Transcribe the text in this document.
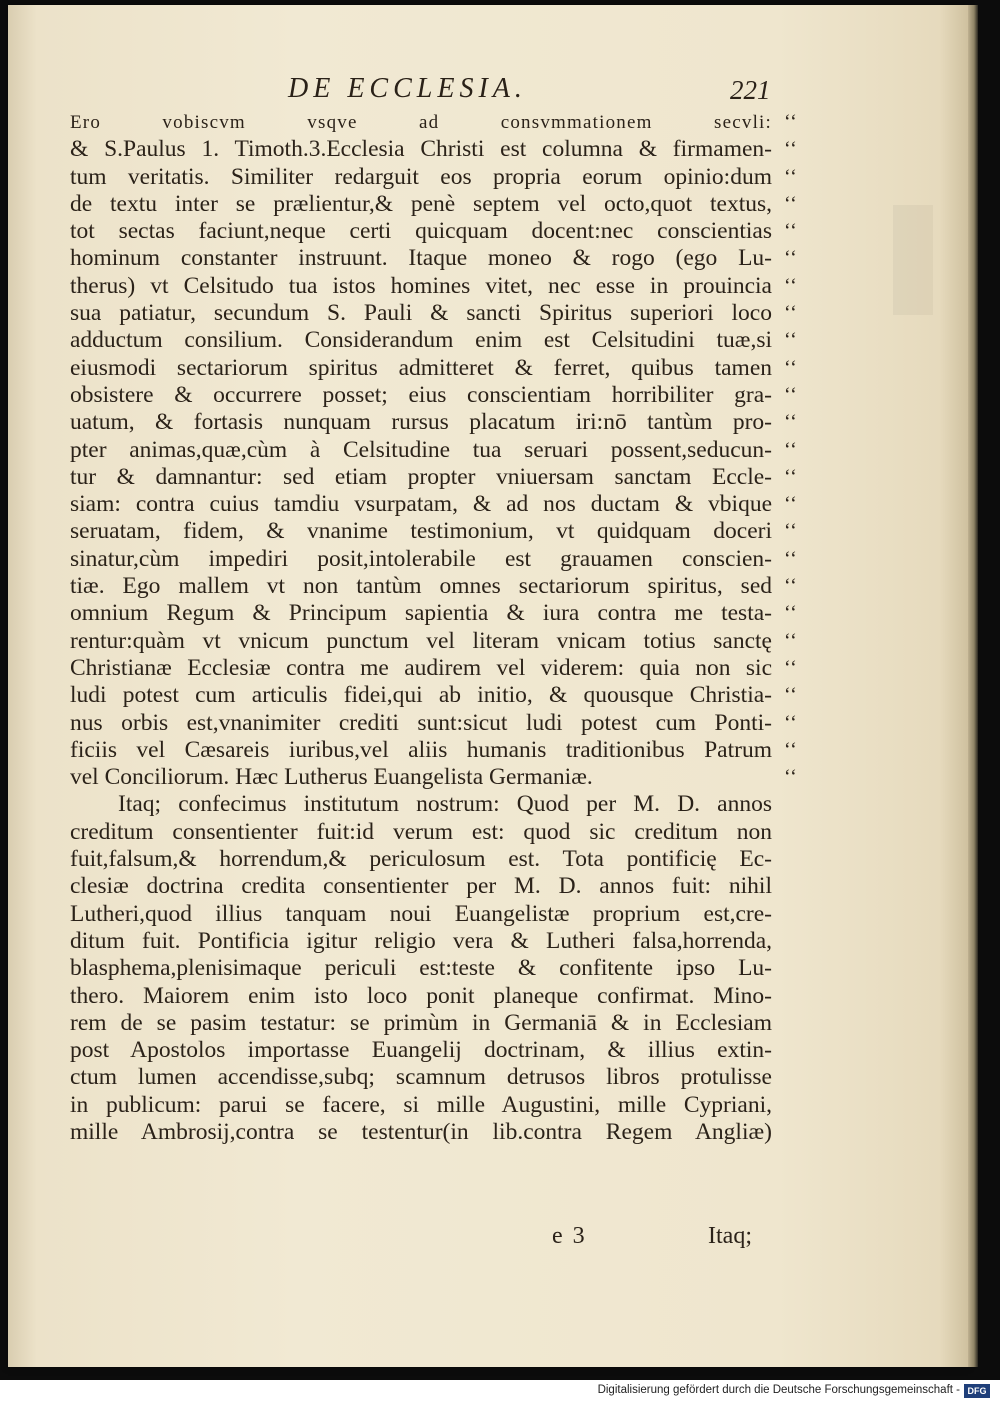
DE ECCLESIA.	221
Ero vobiscvm vsqve ad consvmmationem secvli:
& S.Paulus 1. Timoth.3.Ecclesia Christi est columna & firmamen-
tum veritatis. Similiter redarguit eos propria eorum opinio:dum
de textu inter se prælientur,& penè septem vel octo,quot textus,
tot sectas faciunt,neque certi quicquam docent:nec conscientias
hominum constanter instruunt. Itaque moneo & rogo (ego Lu-
therus) vt Celsitudo tua istos homines vitet, nec esse in prouincia
sua patiatur, secundum S. Pauli & sancti Spiritus superiori loco
adductum consilium. Considerandum enim est Celsitudini tuæ,si
eiusmodi sectariorum spiritus admitteret & ferret, quibus tamen
obsistere & occurrere posset; eius conscientiam horribiliter gra-
uatum, & fortasis nunquam rursus placatum iri:nō tantùm pro-
pter animas,quæ,cùm à Celsitudine tua seruari possent,seducun-
tur & damnantur: sed etiam propter vniuersam sanctam Eccle-
siam: contra cuius tamdiu vsurpatam, & ad nos ductam & vbique
seruatam, fidem, & vnanime testimonium, vt quidquam doceri
sinatur,cùm impediri posit,intolerabile est grauamen conscien-
tiæ. Ego mallem vt non tantùm omnes sectariorum spiritus, sed
omnium Regum & Principum sapientia & iura contra me testa-
rentur:quàm vt vnicum punctum vel literam vnicam totius sanctę
Christianæ Ecclesiæ contra me audirem vel viderem: quia non sic
ludi potest cum articulis fidei,qui ab initio, & quousque Christia-
nus orbis est,vnanimiter crediti sunt:sicut ludi potest cum Ponti-
ficiis vel Cæsareis iuribus,vel aliis humanis traditionibus Patrum
vel Conciliorum. Hæc Lutherus Euangelista Germaniæ.
Itaq; confecimus institutum nostrum: Quod per M. D. annos
creditum consentienter fuit:id verum est: quod sic creditum non
fuit,falsum,& horrendum,& periculosum est. Tota pontificię Ec-
clesiæ doctrina credita consentienter per M. D. annos fuit: nihil
Lutheri,quod illius tanquam noui Euangelistæ proprium est,cre-
ditum fuit. Pontificia igitur religio vera & Lutheri falsa,horrenda,
blasphema,plenisimaque periculi est:teste & confitente ipso Lu-
thero. Maiorem enim isto loco ponit planeque confirmat. Mino-
rem de se pasim testatur: se primùm in Germaniā & in Ecclesiam
post Apostolos importasse Euangelij doctrinam, & illius extin-
ctum lumen accendisse,subq; scamnum detrusos libros protulisse
in publicum: parui se facere, si mille Augustini, mille Cypriani,
mille Ambrosij,contra se testentur(in lib.contra Regem Angliæ)
‘‘
‘‘
‘‘
‘‘
‘‘
‘‘
‘‘
‘‘
‘‘
‘‘
‘‘
‘‘
‘‘
‘‘
‘‘
‘‘
‘‘
‘‘
‘‘
‘‘
‘‘
‘‘
‘‘
‘‘
‘‘
e 3	Itaq;
Digitalisierung gefördert durch die Deutsche Forschungsgemeinschaft - DFG
